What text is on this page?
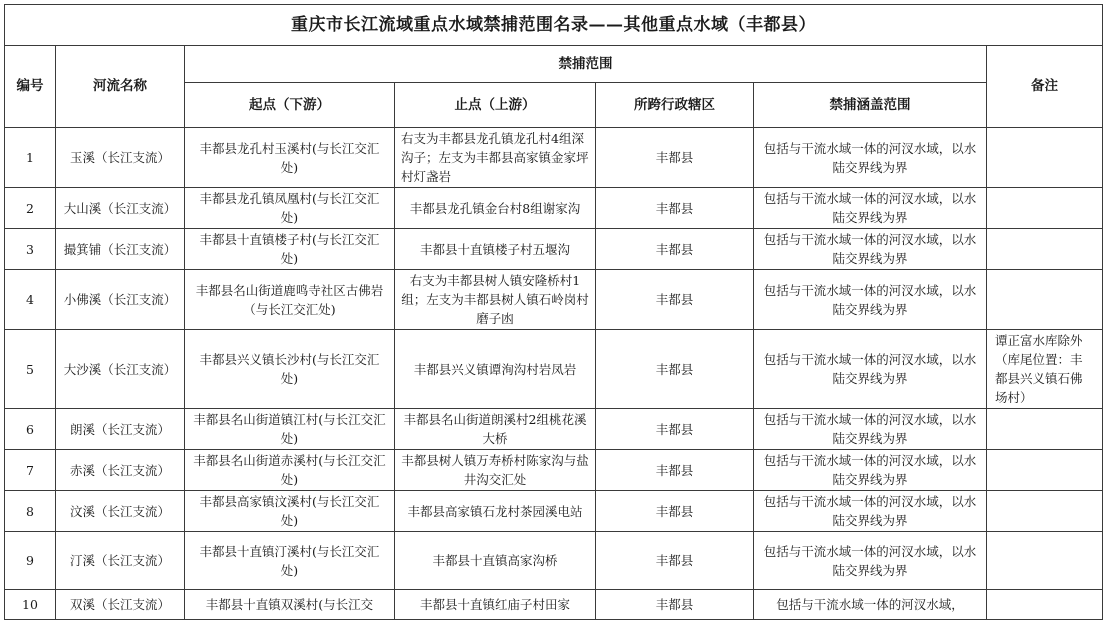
重庆市长江流域重点水域禁捕范围名录——其他重点水域（丰都县）						
编号	河流名称	禁捕范围				备注
		起点（下游）	止点（上游）	所跨行政辖区	禁捕涵盖范围	
1	玉溪（长江支流）	丰都县龙孔村玉溪村(与长江交汇处)	右支为丰都县龙孔镇龙孔村4组深沟子；左支为丰都县高家镇金家坪村灯盏岩	丰都县	包括与干流水域一体的河汊水域，以水陆交界线为界	
2	大山溪（长江支流）	丰都县龙孔镇凤凰村(与长江交汇处)	丰都县龙孔镇金台村8组谢家沟	丰都县	包括与干流水域一体的河汊水域，以水陆交界线为界	
3	撮箕铺（长江支流）	丰都县十直镇楼子村(与长江交汇处)	丰都县十直镇楼子村五堰沟	丰都县	包括与干流水域一体的河汊水域，以水陆交界线为界	
4	小佛溪（长江支流）	丰都县名山街道鹿鸣寺社区古佛岩（与长江交汇处)	右支为丰都县树人镇安隆桥村1组；左支为丰都县树人镇石岭岗村磨子凼	丰都县	包括与干流水域一体的河汊水域，以水陆交界线为界	
5	大沙溪（长江支流）	丰都县兴义镇长沙村(与长江交汇处)	丰都县兴义镇谭洵沟村岩凤岩	丰都县	包括与干流水域一体的河汊水域，以水陆交界线为界	谭正富水库除外（库尾位置：丰都县兴义镇石佛场村）
6	朗溪（长江支流）	丰都县名山街道镇江村(与长江交汇处)	丰都县名山街道朗溪村2组桃花溪大桥	丰都县	包括与干流水域一体的河汊水域，以水陆交界线为界	
7	赤溪（长江支流）	丰都县名山街道赤溪村(与长江交汇处)	丰都县树人镇万寿桥村陈家沟与盐井沟交汇处	丰都县	包括与干流水域一体的河汊水域，以水陆交界线为界	
8	汶溪（长江支流）	丰都县高家镇汶溪村(与长江交汇处)	丰都县高家镇石龙村茶园溪电站	丰都县	包括与干流水域一体的河汊水域，以水陆交界线为界	
9	汀溪（长江支流）	丰都县十直镇汀溪村(与长江交汇处)	丰都县十直镇高家沟桥	丰都县	包括与干流水域一体的河汊水域，以水陆交界线为界	
10	双溪（长江支流）	丰都县十直镇双溪村(与长江交	丰都县十直镇红庙子村田家	丰都县	包括与干流水域一体的河汊水域，	
